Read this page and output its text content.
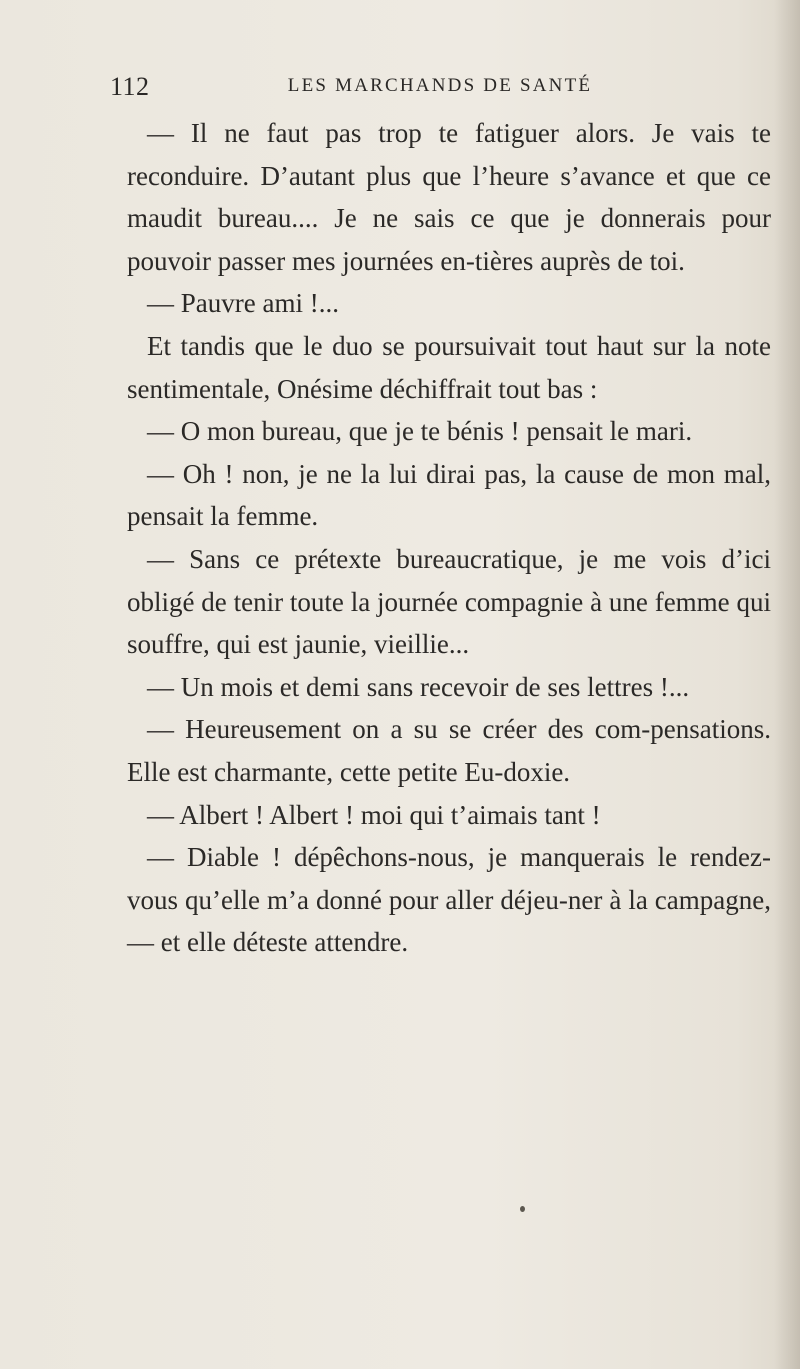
112	LES MARCHANDS DE SANTÉ

— Il ne faut pas trop te fatiguer alors. Je vais te reconduire. D’autant plus que l’heure s’avance et que ce maudit bureau.... Je ne sais ce que je donnerais pour pouvoir passer mes journées en-tières auprès de toi.

— Pauvre ami !...

Et tandis que le duo se poursuivait tout haut sur la note sentimentale, Onésime déchiffrait tout bas :

— O mon bureau, que je te bénis ! pensait le mari.

— Oh ! non, je ne la lui dirai pas, la cause de mon mal, pensait la femme.

— Sans ce prétexte bureaucratique, je me vois d’ici obligé de tenir toute la journée compagnie à une femme qui souffre, qui est jaunie, vieillie...

— Un mois et demi sans recevoir de ses lettres !...

— Heureusement on a su se créer des com-pensations. Elle est charmante, cette petite Eu-doxie.

— Albert ! Albert ! moi qui t’aimais tant !

— Diable ! dépêchons-nous, je manquerais le rendez-vous qu’elle m’a donné pour aller déjeu-ner à la campagne, — et elle déteste attendre.
